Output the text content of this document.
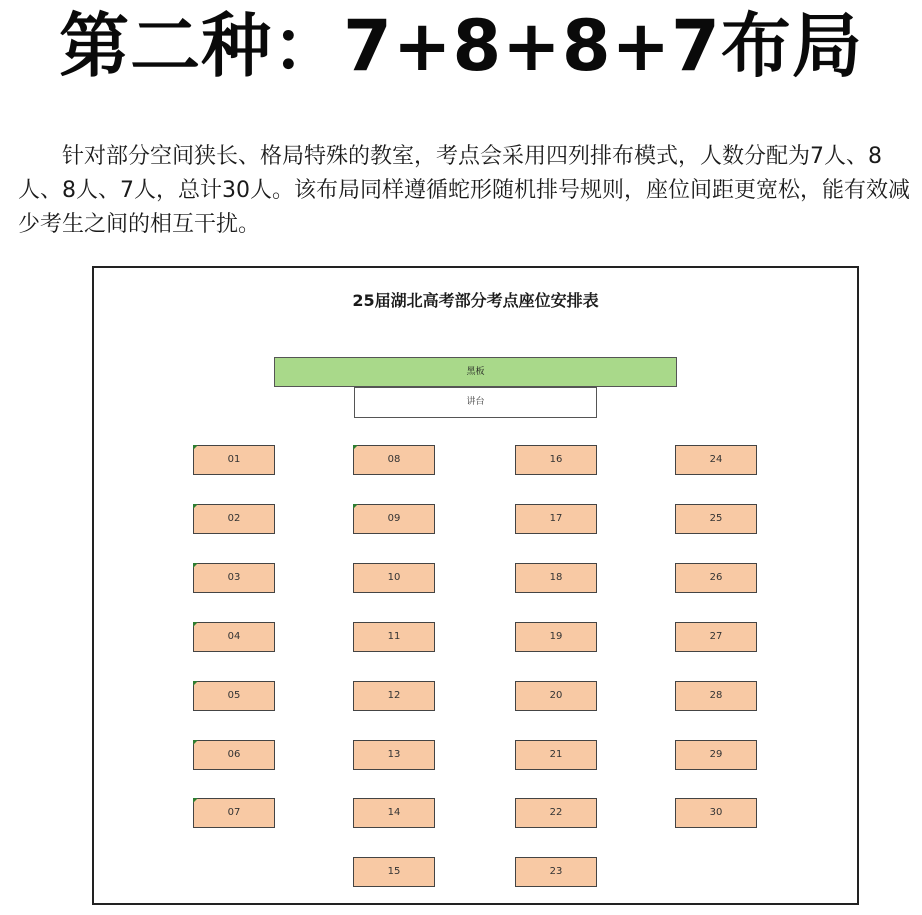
第二种：7+8+8+7布局
针对部分空间狭长、格局特殊的教室，考点会采用四列排布模式，人数分配为7人、8人、8人、7人，总计30人。该布局同样遵循蛇形随机排号规则，座位间距更宽松，能有效减少考生之间的相互干扰。
25届湖北高考部分考点座位安排表
黑板
讲台
01
02
03
04
05
06
07
08
09
10
11
12
13
14
15
16
17
18
19
20
21
22
23
24
25
26
27
28
29
30
